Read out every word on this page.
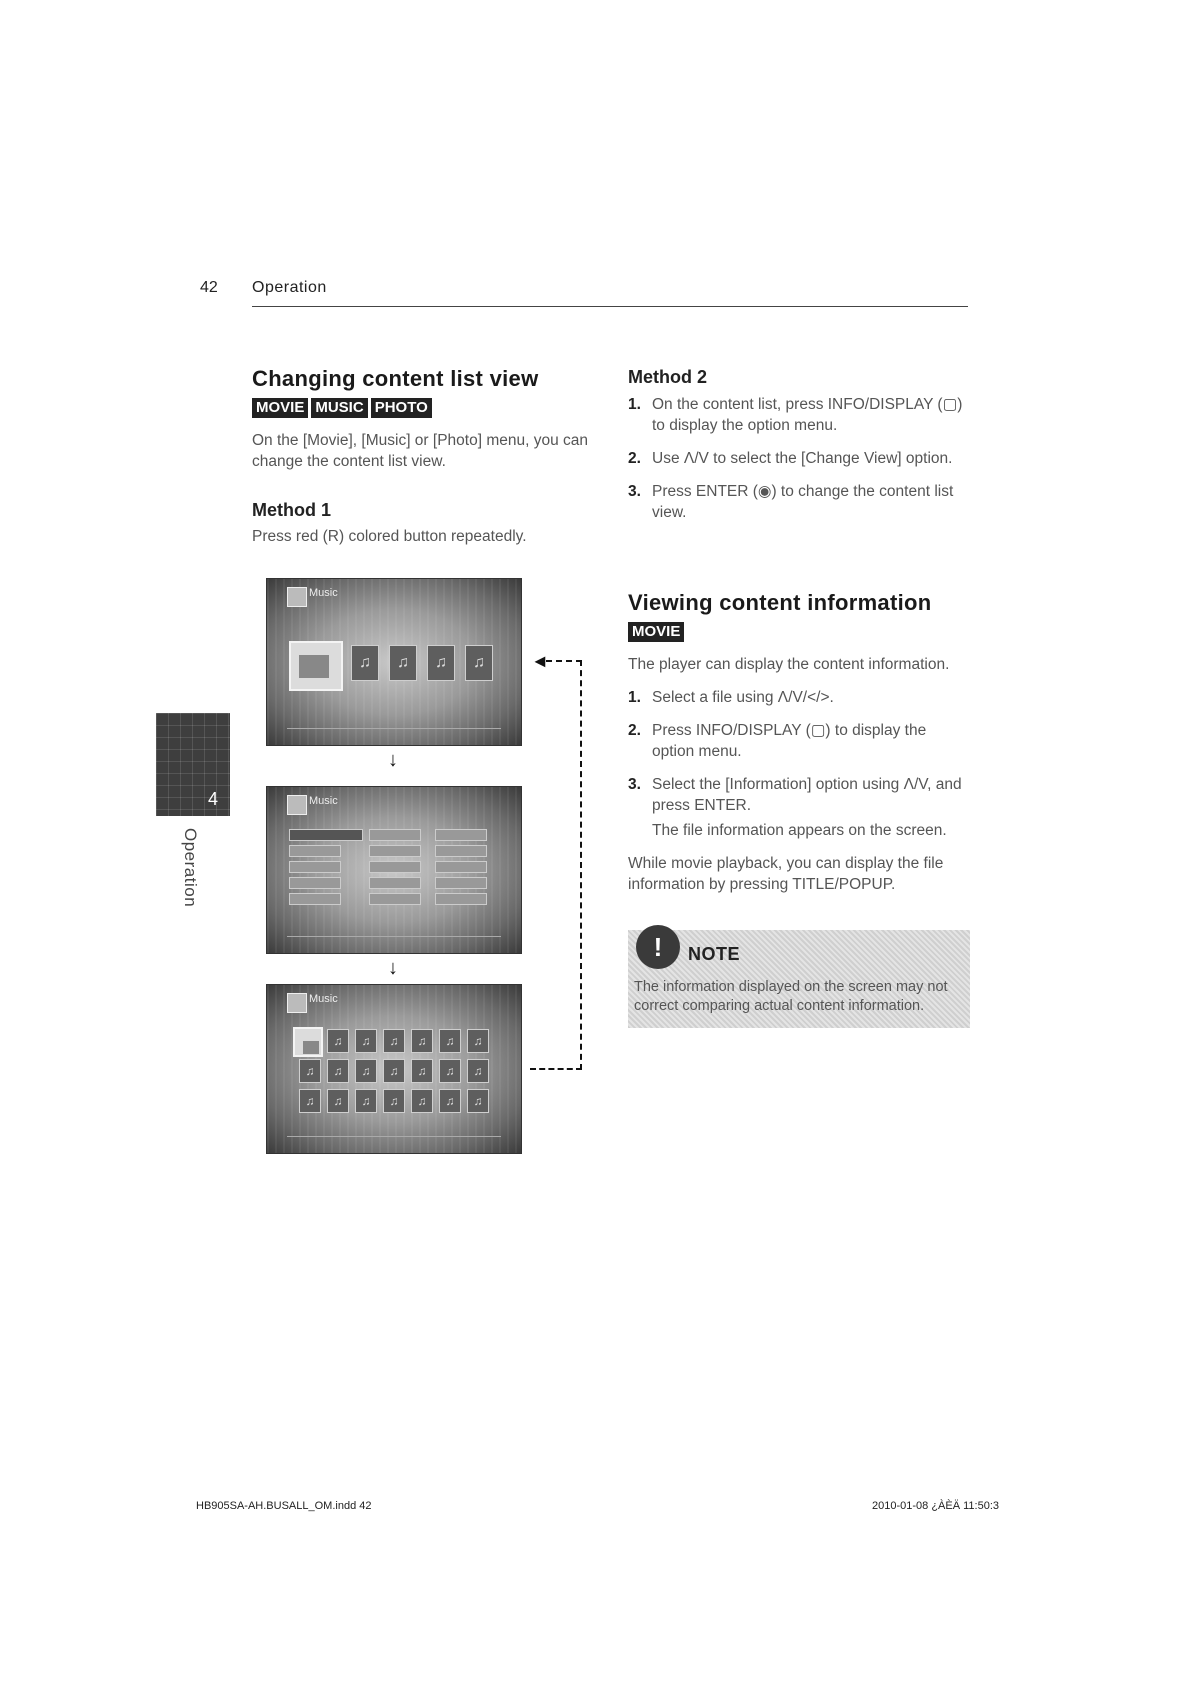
42 Operation
4
Operation
Changing content list view
MOVIE MUSIC PHOTO
On the [Movie], [Music] or [Photo] menu, you can change the content list view.
Method 1
Press red (R) colored button repeatedly.
Music
♫	♫	♫	♫
↓
Music
↓
Music
♫	♫	♫	♫	♫	♫
♫	♫	♫	♫	♫	♫	♫
♫	♫	♫	♫	♫	♫	♫
◄
Method 2
1. On the content list, press INFO/DISPLAY (▢) to display the option menu.
2. Use Λ/V to select the [Change View] option.
3. Press ENTER (◉) to change the content list view.
Viewing content information
MOVIE
The player can display the content information.
1. Select a file using Λ/V/</>.
2. Press INFO/DISPLAY (▢) to display the option menu.
3. Select the [Information] option using Λ/V, and press ENTER.
The file information appears on the screen.
While movie playback, you can display the file information by pressing TITLE/POPUP.
!	NOTE
The information displayed on the screen may not correct comparing actual content information.
HB905SA-AH.BUSALL_OM.indd 42	2010-01-08 ¿ÀÈÄ 11:50:3
